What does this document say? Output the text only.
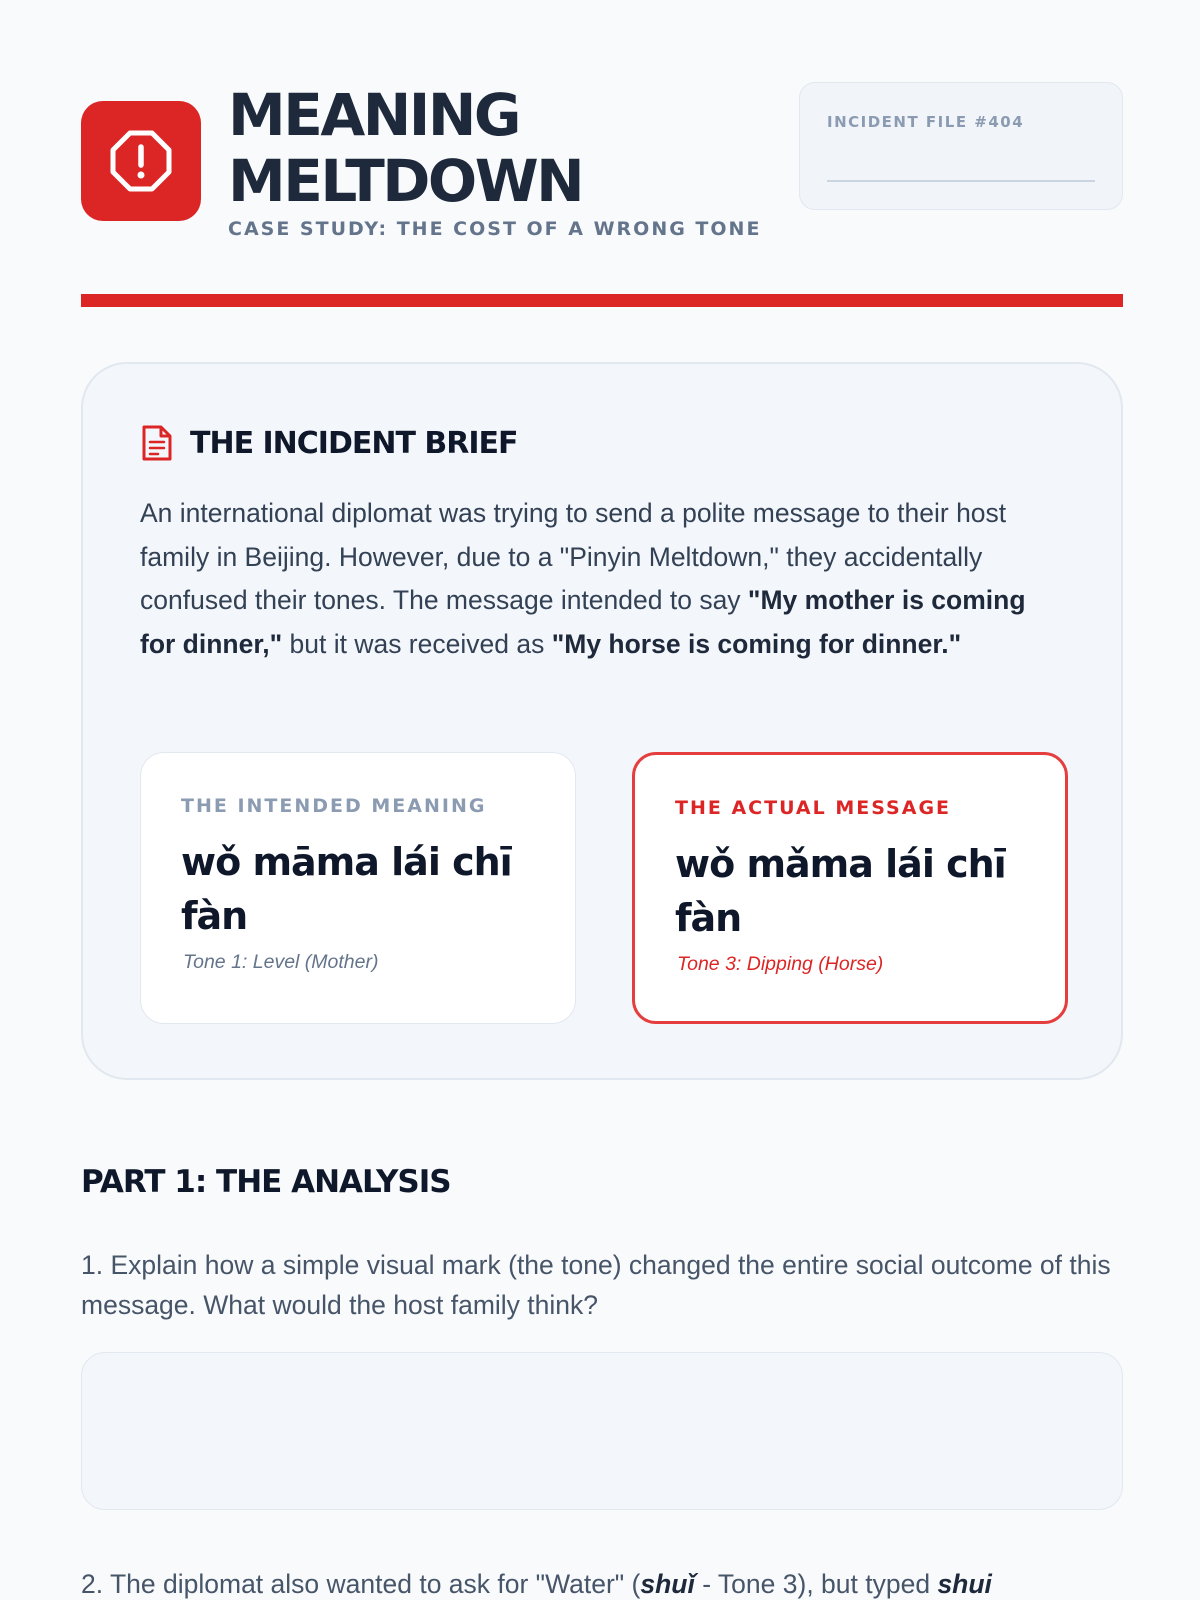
MEANING MELTDOWN
CASE STUDY: THE COST OF A WRONG TONE
INCIDENT FILE #404
THE INCIDENT BRIEF

An international diplomat was trying to send a polite message to their host family in Beijing. However, due to a "Pinyin Meltdown," they accidentally confused their tones. The message intended to say "My mother is coming for dinner," but it was received as "My horse is coming for dinner."

THE INTENDED MEANING
wǒ māma lái chī fàn
Tone 1: Level (Mother)
THE ACTUAL MESSAGE
wǒ mǎma lái chī fàn
Tone 3: Dipping (Horse)
PART 1: THE ANALYSIS
1. Explain how a simple visual mark (the tone) changed the entire social outcome of this message. What would the host family think?
2. The diplomat also wanted to ask for "Water" (shuǐ - Tone 3), but typed shui
